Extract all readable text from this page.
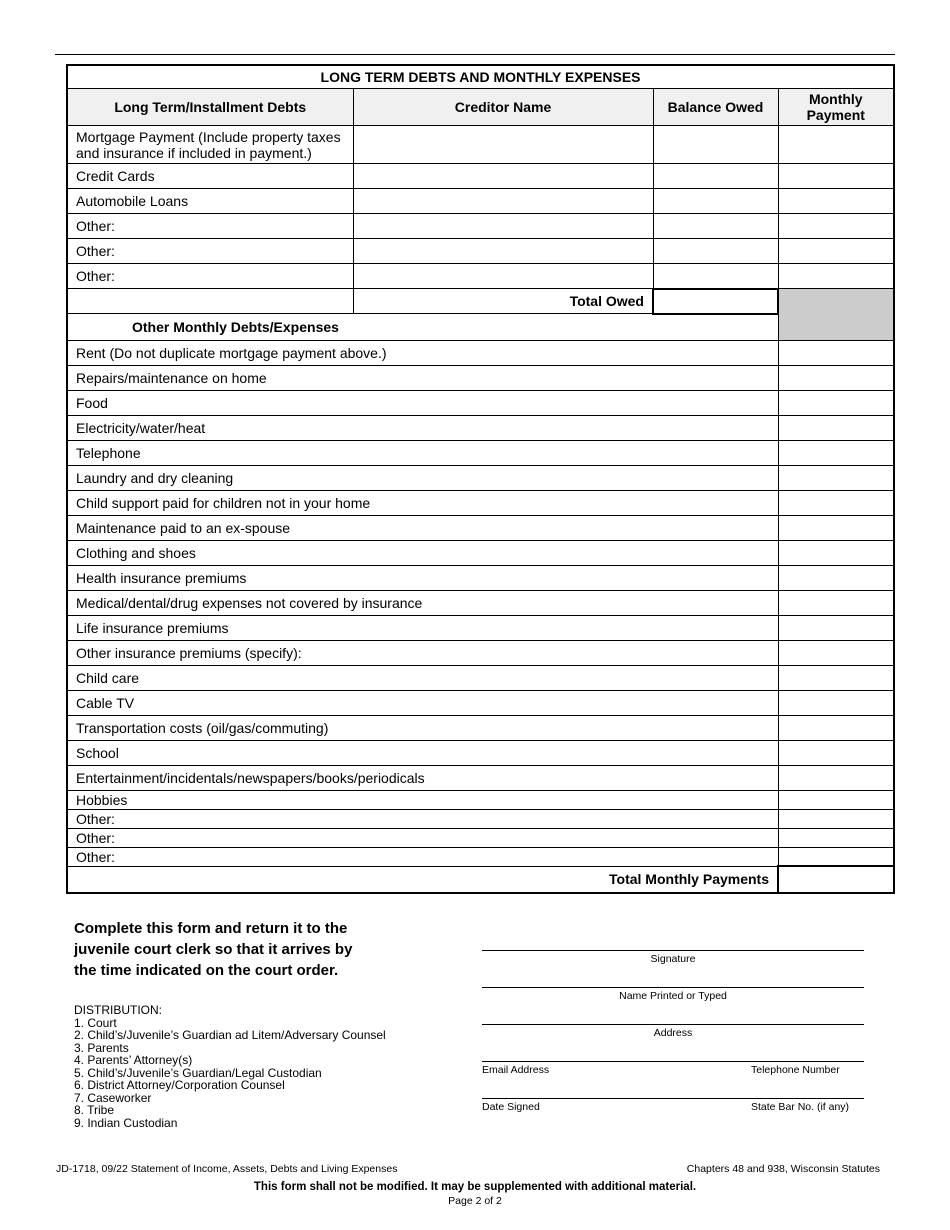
LONG TERM DEBTS AND MONTHLY EXPENSES			
Long Term/Installment Debts	Creditor Name	Balance Owed	Monthly Payment
Mortgage Payment (Include property taxes and insurance if included in payment.)			
Credit Cards			
Automobile Loans			
Other:			
Other:			
Other:			
	Total Owed		
Other Monthly Debts/Expenses			
Rent (Do not duplicate mortgage payment above.)			
Repairs/maintenance on home			
Food			
Electricity/water/heat			
Telephone			
Laundry and dry cleaning			
Child support paid for children not in your home			
Maintenance paid to an ex-spouse			
Clothing and shoes			
Health insurance premiums			
Medical/dental/drug expenses not covered by insurance			
Life insurance premiums			
Other insurance premiums (specify):			
Child care			
Cable TV			
Transportation costs (oil/gas/commuting)			
School			
Entertainment/incidentals/newspapers/books/periodicals			
Hobbies			
Other:			
Other:			
Other:			
Total Monthly Payments			
Complete this form and return it to the juvenile court clerk so that it arrives by the time indicated on the court order.
DISTRIBUTION:
1. Court
2. Child’s/Juvenile’s Guardian ad Litem/Adversary Counsel
3. Parents
4. Parents’ Attorney(s)
5. Child’s/Juvenile’s Guardian/Legal Custodian
6. District Attorney/Corporation Counsel
7. Caseworker
8. Tribe
9. Indian Custodian
Signature
Name Printed or Typed
Address
Email Address	Telephone Number
Date Signed	State Bar No. (if any)
JD-1718, 09/22 Statement of Income, Assets, Debts and Living Expenses	Chapters 48 and 938, Wisconsin Statutes
This form shall not be modified. It may be supplemented with additional material.
Page 2 of 2
